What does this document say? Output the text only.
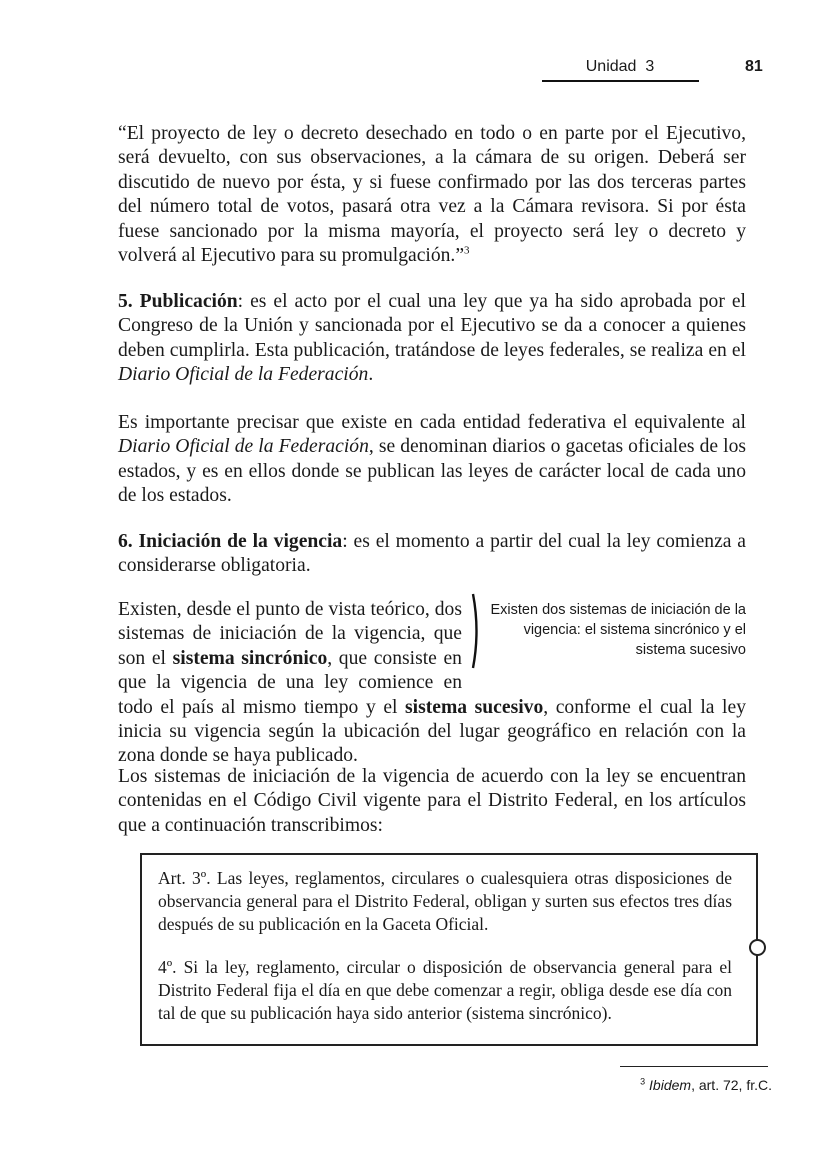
Unidad  3	81

“El proyecto de ley o decreto desechado en todo o en parte por el Ejecutivo, será devuelto, con sus observaciones, a la cámara de su origen. Deberá ser discutido de nuevo por ésta, y si fuese confirmado por las dos terceras partes del número total de votos, pasará otra vez a la Cámara revisora. Si por ésta fuese sancionado por la misma mayoría, el proyecto será ley o decreto y volverá al Ejecutivo para su promulgación.”$^3$

5. Publicación: es el acto por el cual una ley que ya ha sido aprobada por el Congreso de la Unión y sancionada por el Ejecutivo se da a conocer a quienes deben cumplirla. Esta publicación, tratándose de leyes federales, se realiza en el Diario Oficial de la Federación.

Es importante precisar que existe en cada entidad federativa el equivalente al Diario Oficial de la Federación, se denominan diarios o gacetas oficiales de los estados, y es en ellos donde se publican las leyes de carácter local de cada uno de los estados.

6. Iniciación de la vigencia: es el momento a partir del cual la ley comienza a considerarse obligatoria.

Existen dos sistemas de iniciación de la vigencia: el sistema sincrónico y el sistema sucesivo
Existen, desde el punto de vista teórico, dos sistemas de iniciación de la vigencia, que son el sistema sincrónico, que consiste en que la vigencia de una ley comience en todo el país al mismo tiempo y el sistema sucesivo, conforme el cual la ley inicia su vigencia según la ubicación del lugar geográfico en relación con la zona donde se haya publicado.

Los sistemas de iniciación de la vigencia de acuerdo con la ley se encuentran contenidas en el Código Civil vigente para el Distrito Federal, en los artículos que a continuación transcribimos:

Art. 3º. Las leyes, reglamentos, circulares o cualesquiera otras disposiciones de observancia general para el Distrito Federal, obligan y surten sus efectos tres días después de su publicación en la Gaceta Oficial.

4º. Si la ley, reglamento, circular o disposición de observancia general para el Distrito Federal fija el día en que debe comenzar a regir, obliga desde ese día con tal de que su publicación haya sido anterior (sistema sincrónico).

$^3$ Ibidem, art. 72, fr.C.
